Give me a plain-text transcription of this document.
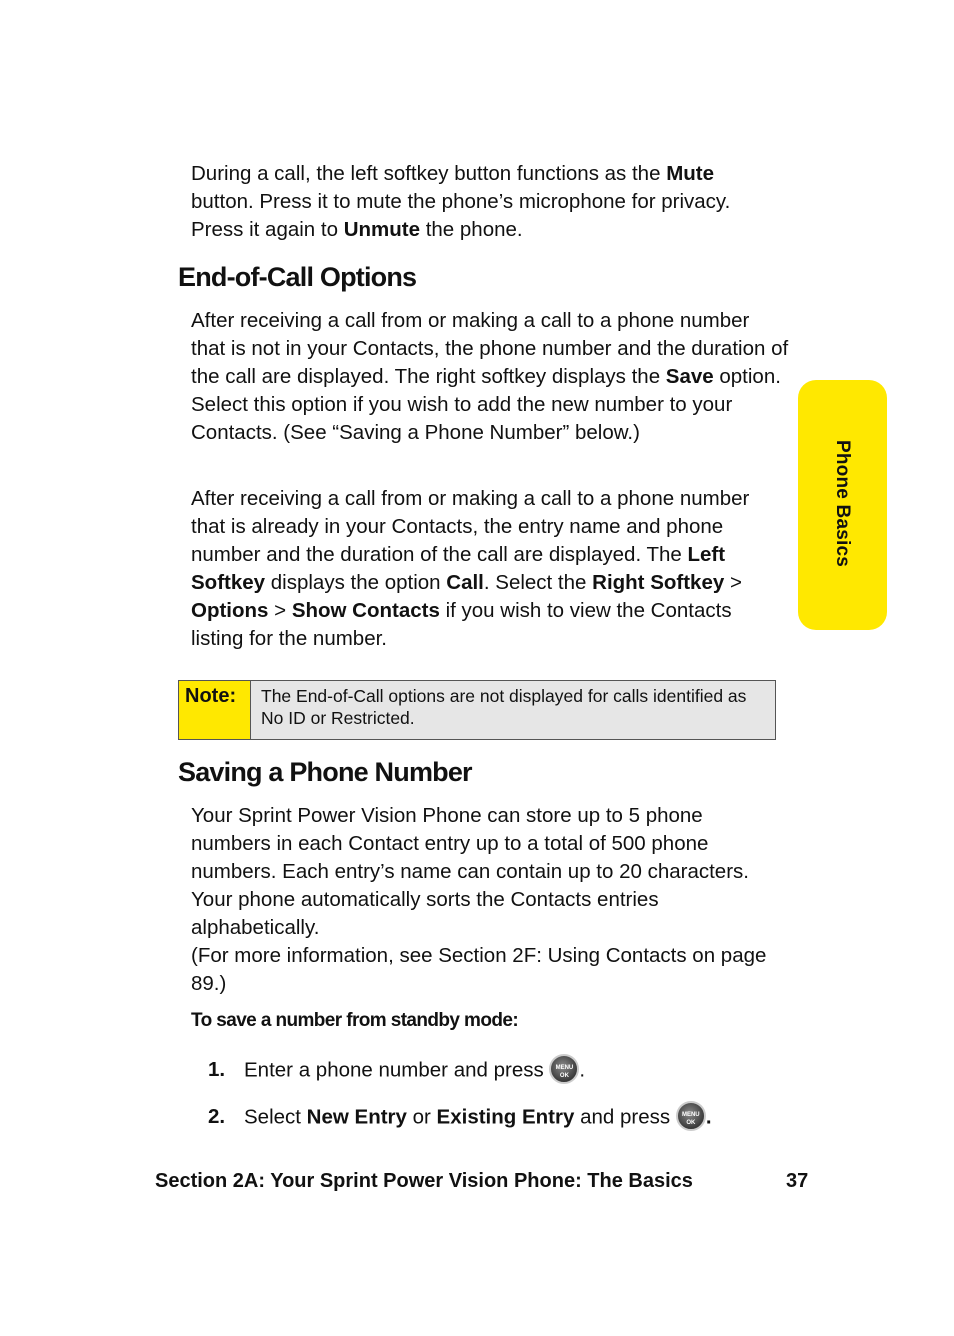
During a call, the left softkey button functions as the Mute
button. Press it to mute the phone’s microphone for privacy.
Press it again to Unmute the phone.
End-of-Call Options
After receiving a call from or making a call to a phone number that is not in your Contacts, the phone number and the duration of the call are displayed. The right softkey displays the Save option. Select this option if you wish to add the new number to your Contacts. (See “Saving a Phone Number” below.)
After receiving a call from or making a call to a phone number that is already in your Contacts, the entry name and phone number and the duration of the call are displayed. The Left Softkey displays the option Call. Select the Right Softkey > Options > Show Contacts if you wish to view the Contacts listing for the number.
Note:	The End-of-Call options are not displayed for calls identified as No ID or Restricted.
Saving a Phone Number
Your Sprint Power Vision Phone can store up to 5 phone numbers in each Contact entry up to a total of 500 phone numbers. Each entry’s name can contain up to 20 characters. Your phone automatically sorts the Contacts entries alphabetically.
(For more information, see Section 2F: Using Contacts on page 89.)
To save a number from standby mode:
1. Enter a phone number and press MENU OK .
2. Select New Entry or Existing Entry and press MENU OK .
Phone Basics
Section 2A: Your Sprint Power Vision Phone: The Basics	37
